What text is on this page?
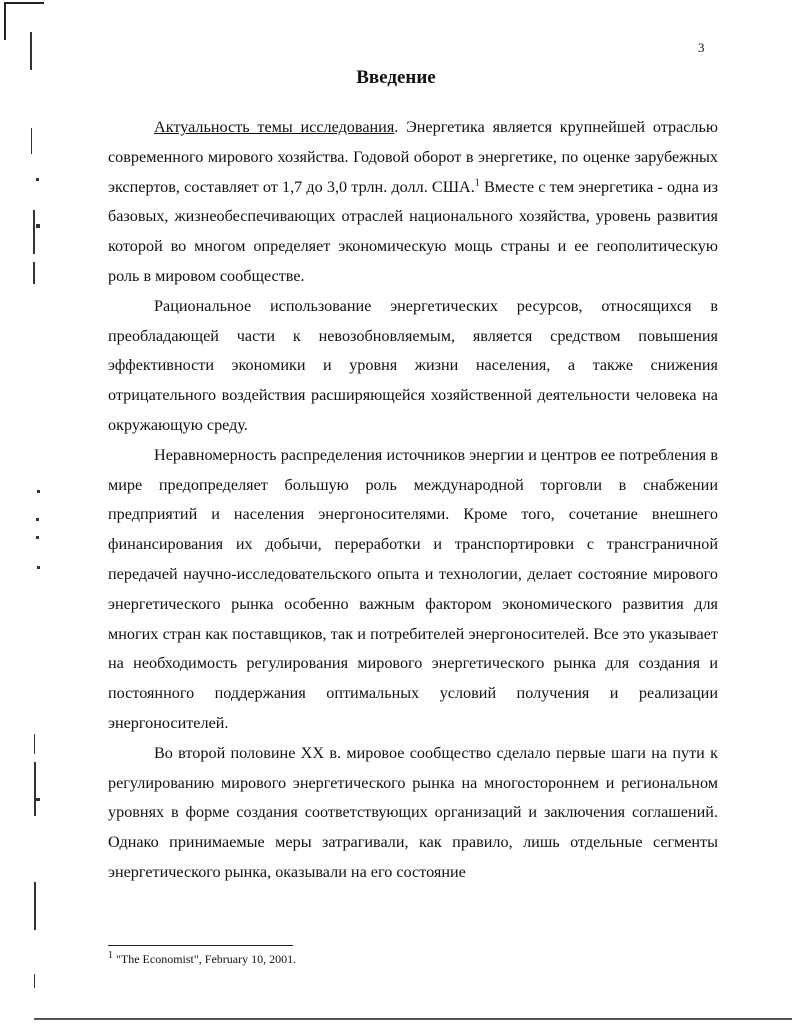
3
Введение

Актуальность темы исследования. Энергетика является крупнейшей отраслью современного мирового хозяйства. Годовой оборот в энергетике, по оценке зарубежных экспертов, составляет от 1,7 до 3,0 трлн. долл. США.$^1$ Вместе с тем энергетика - одна из базовых, жизнеобеспечивающих отраслей национального хозяйства, уровень развития которой во многом определяет экономическую мощь страны и ее геополитическую роль в мировом сообществе.

Рациональное использование энергетических ресурсов, относящихся в преобладающей части к невозобновляемым, является средством повышения эффективности экономики и уровня жизни населения, а также снижения отрицательного воздействия расширяющейся хозяйственной деятельности человека на окружающую среду.

Неравномерность распределения источников энергии и центров ее потребления в мире предопределяет большую роль международной торговли в снабжении предприятий и населения энергоносителями. Кроме того, сочетание внешнего финансирования их добычи, переработки и транспортировки с трансграничной передачей научно-исследовательского опыта и технологии, делает состояние мирового энергетического рынка особенно важным фактором экономического развития для многих стран как поставщиков, так и потребителей энергоносителей. Все это указывает на необходимость регулирования мирового энергетического рынка для создания и постоянного поддержания оптимальных условий получения и реализации энергоносителей.

Во второй половине XX в. мировое сообщество сделало первые шаги на пути к регулированию мирового энергетического рынка на многостороннем и региональном уровнях в форме создания соответствующих организаций и заключения соглашений. Однако принимаемые меры затрагивали, как правило, лишь отдельные сегменты энергетического рынка, оказывали на его состояние

$^1$ "The Economist", February 10, 2001.
